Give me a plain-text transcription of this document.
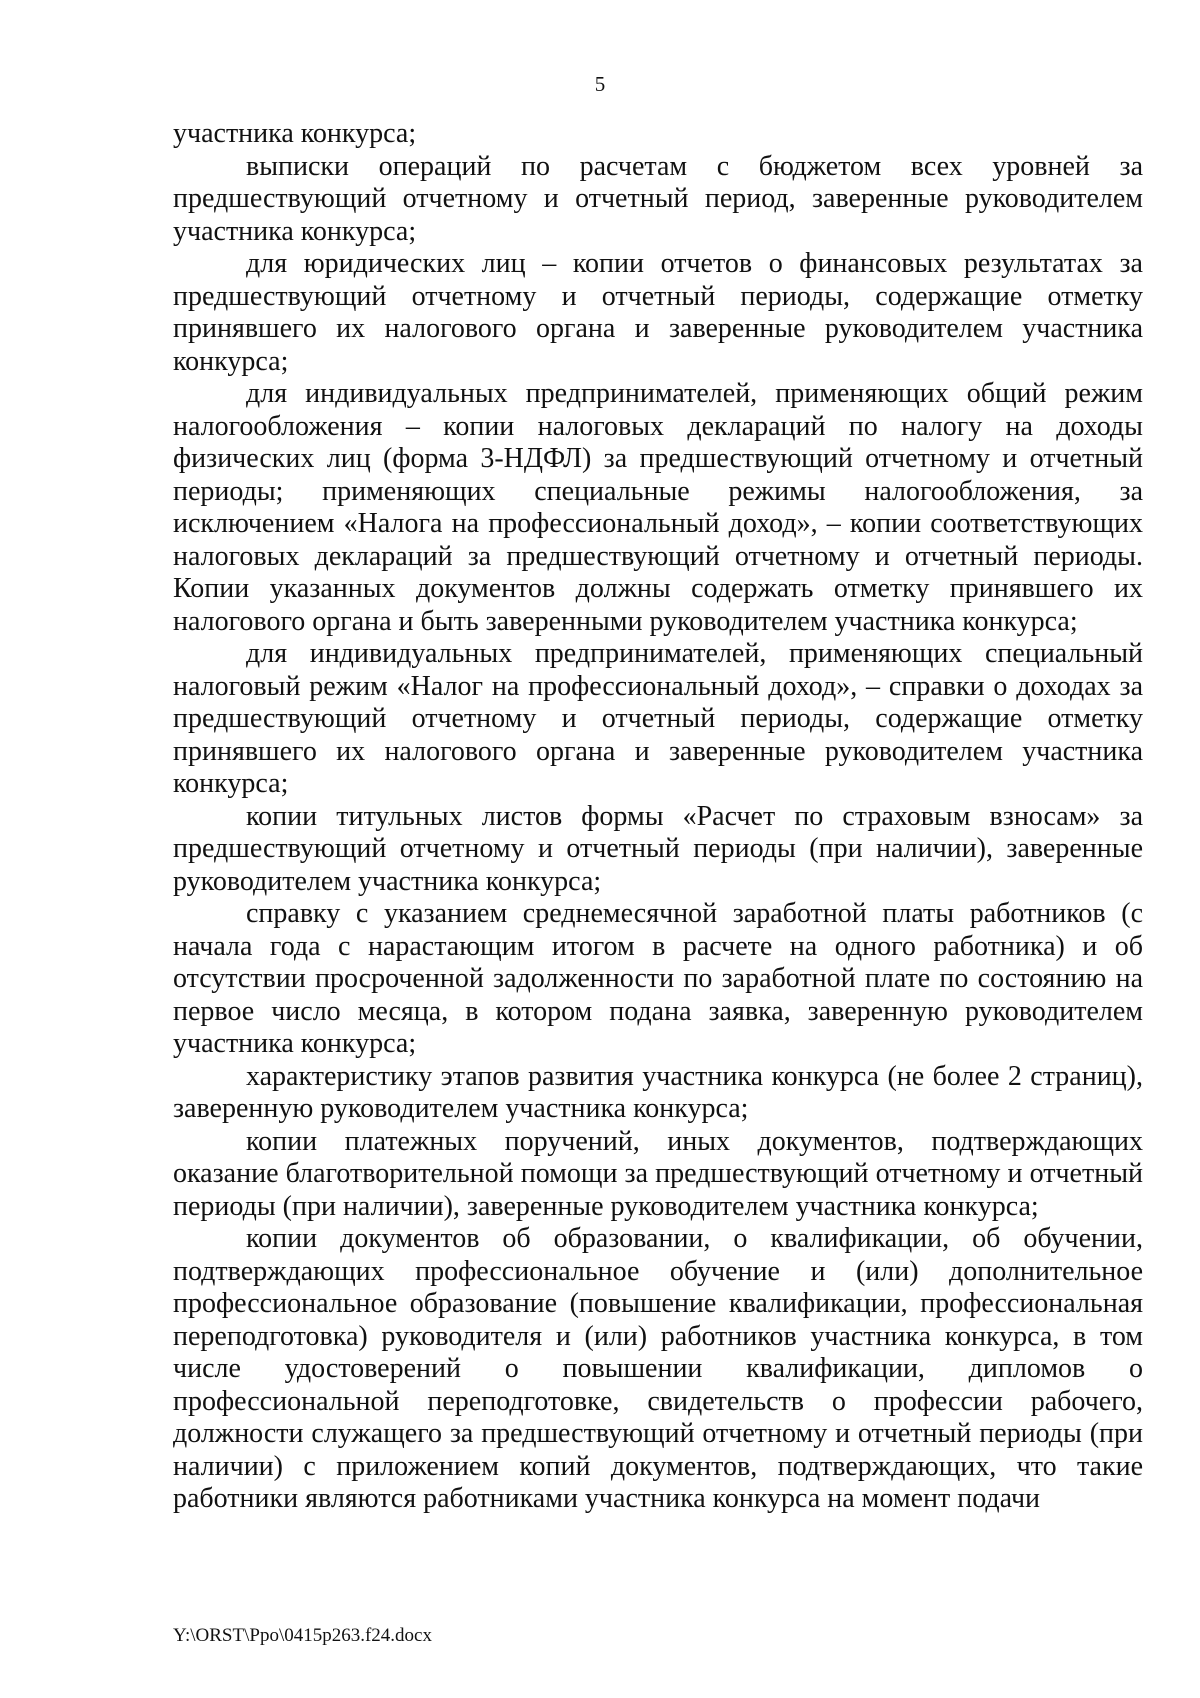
5

участника конкурса;

выписки операций по расчетам с бюджетом всех уровней за предшествующий отчетному и отчетный период, заверенные руководителем участника конкурса;

для юридических лиц – копии отчетов о финансовых результатах за предшествующий отчетному и отчетный периоды, содержащие отметку принявшего их налогового органа и заверенные руководителем участника конкурса;

для индивидуальных предпринимателей, применяющих общий режим налогообложения – копии налоговых деклараций по налогу на доходы физических лиц (форма 3-НДФЛ) за предшествующий отчетному и отчетный периоды; применяющих специальные режимы налогообложения, за исключением «Налога на профессиональный доход», – копии соответствующих налоговых деклараций за предшествующий отчетному и отчетный периоды. Копии указанных документов должны содержать отметку принявшего их налогового органа и быть заверенными руководителем участника конкурса;

для индивидуальных предпринимателей, применяющих специальный налоговый режим «Налог на профессиональный доход», – справки о доходах за предшествующий отчетному и отчетный периоды, содержащие отметку принявшего их налогового органа и заверенные руководителем участника конкурса;

копии титульных листов формы «Расчет по страховым взносам» за предшествующий отчетному и отчетный периоды (при наличии), заверенные руководителем участника конкурса;

справку с указанием среднемесячной заработной платы работников (с начала года с нарастающим итогом в расчете на одного работника) и об отсутствии просроченной задолженности по заработной плате по состоянию на первое число месяца, в котором подана заявка, заверенную руководителем участника конкурса;

характеристику этапов развития участника конкурса (не более 2 страниц), заверенную руководителем участника конкурса;

копии платежных поручений, иных документов, подтверждающих оказание благотворительной помощи за предшествующий отчетному и отчетный периоды (при наличии), заверенные руководителем участника конкурса;

копии документов об образовании, о квалификации, об обучении, подтверждающих профессиональное обучение и (или) дополнительное профессиональное образование (повышение квалификации, профессиональная переподготовка) руководителя и (или) работников участника конкурса, в том числе удостоверений о повышении квалификации, дипломов о профессиональной переподготовке, свидетельств о профессии рабочего, должности служащего за предшествующий отчетному и отчетный периоды (при наличии) с приложением копий документов, подтверждающих, что такие работники являются работниками участника конкурса на момент подачи

Y:\ORST\Ppo\0415p263.f24.docx
